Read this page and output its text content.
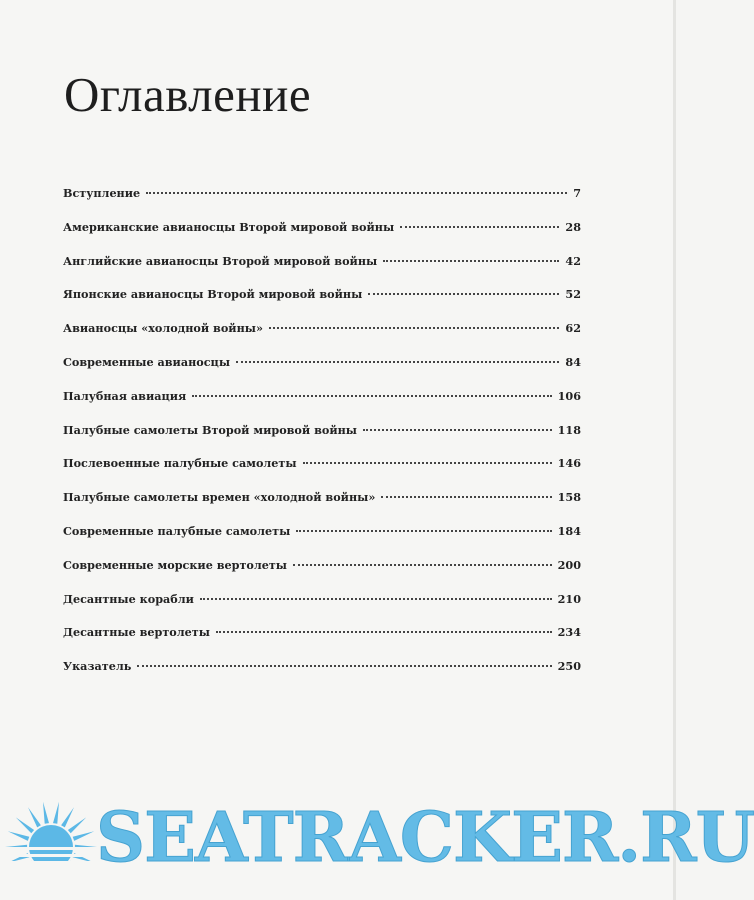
Оглавление
Вступление	7
Американские авианосцы Второй мировой войны	28
Английские авианосцы Второй мировой войны	42
Японские авианосцы Второй мировой войны	52
Авианосцы «холодной войны»	62
Современные авианосцы	84
Палубная авиация	106
Палубные самолеты Второй мировой войны	118
Послевоенные палубные самолеты	146
Палубные самолеты времен «холодной войны»	158
Современные палубные самолеты	184
Современные морские вертолеты	200
Десантные корабли	210
Десантные вертолеты	234
Указатель	250
SEATRACKER.RU
